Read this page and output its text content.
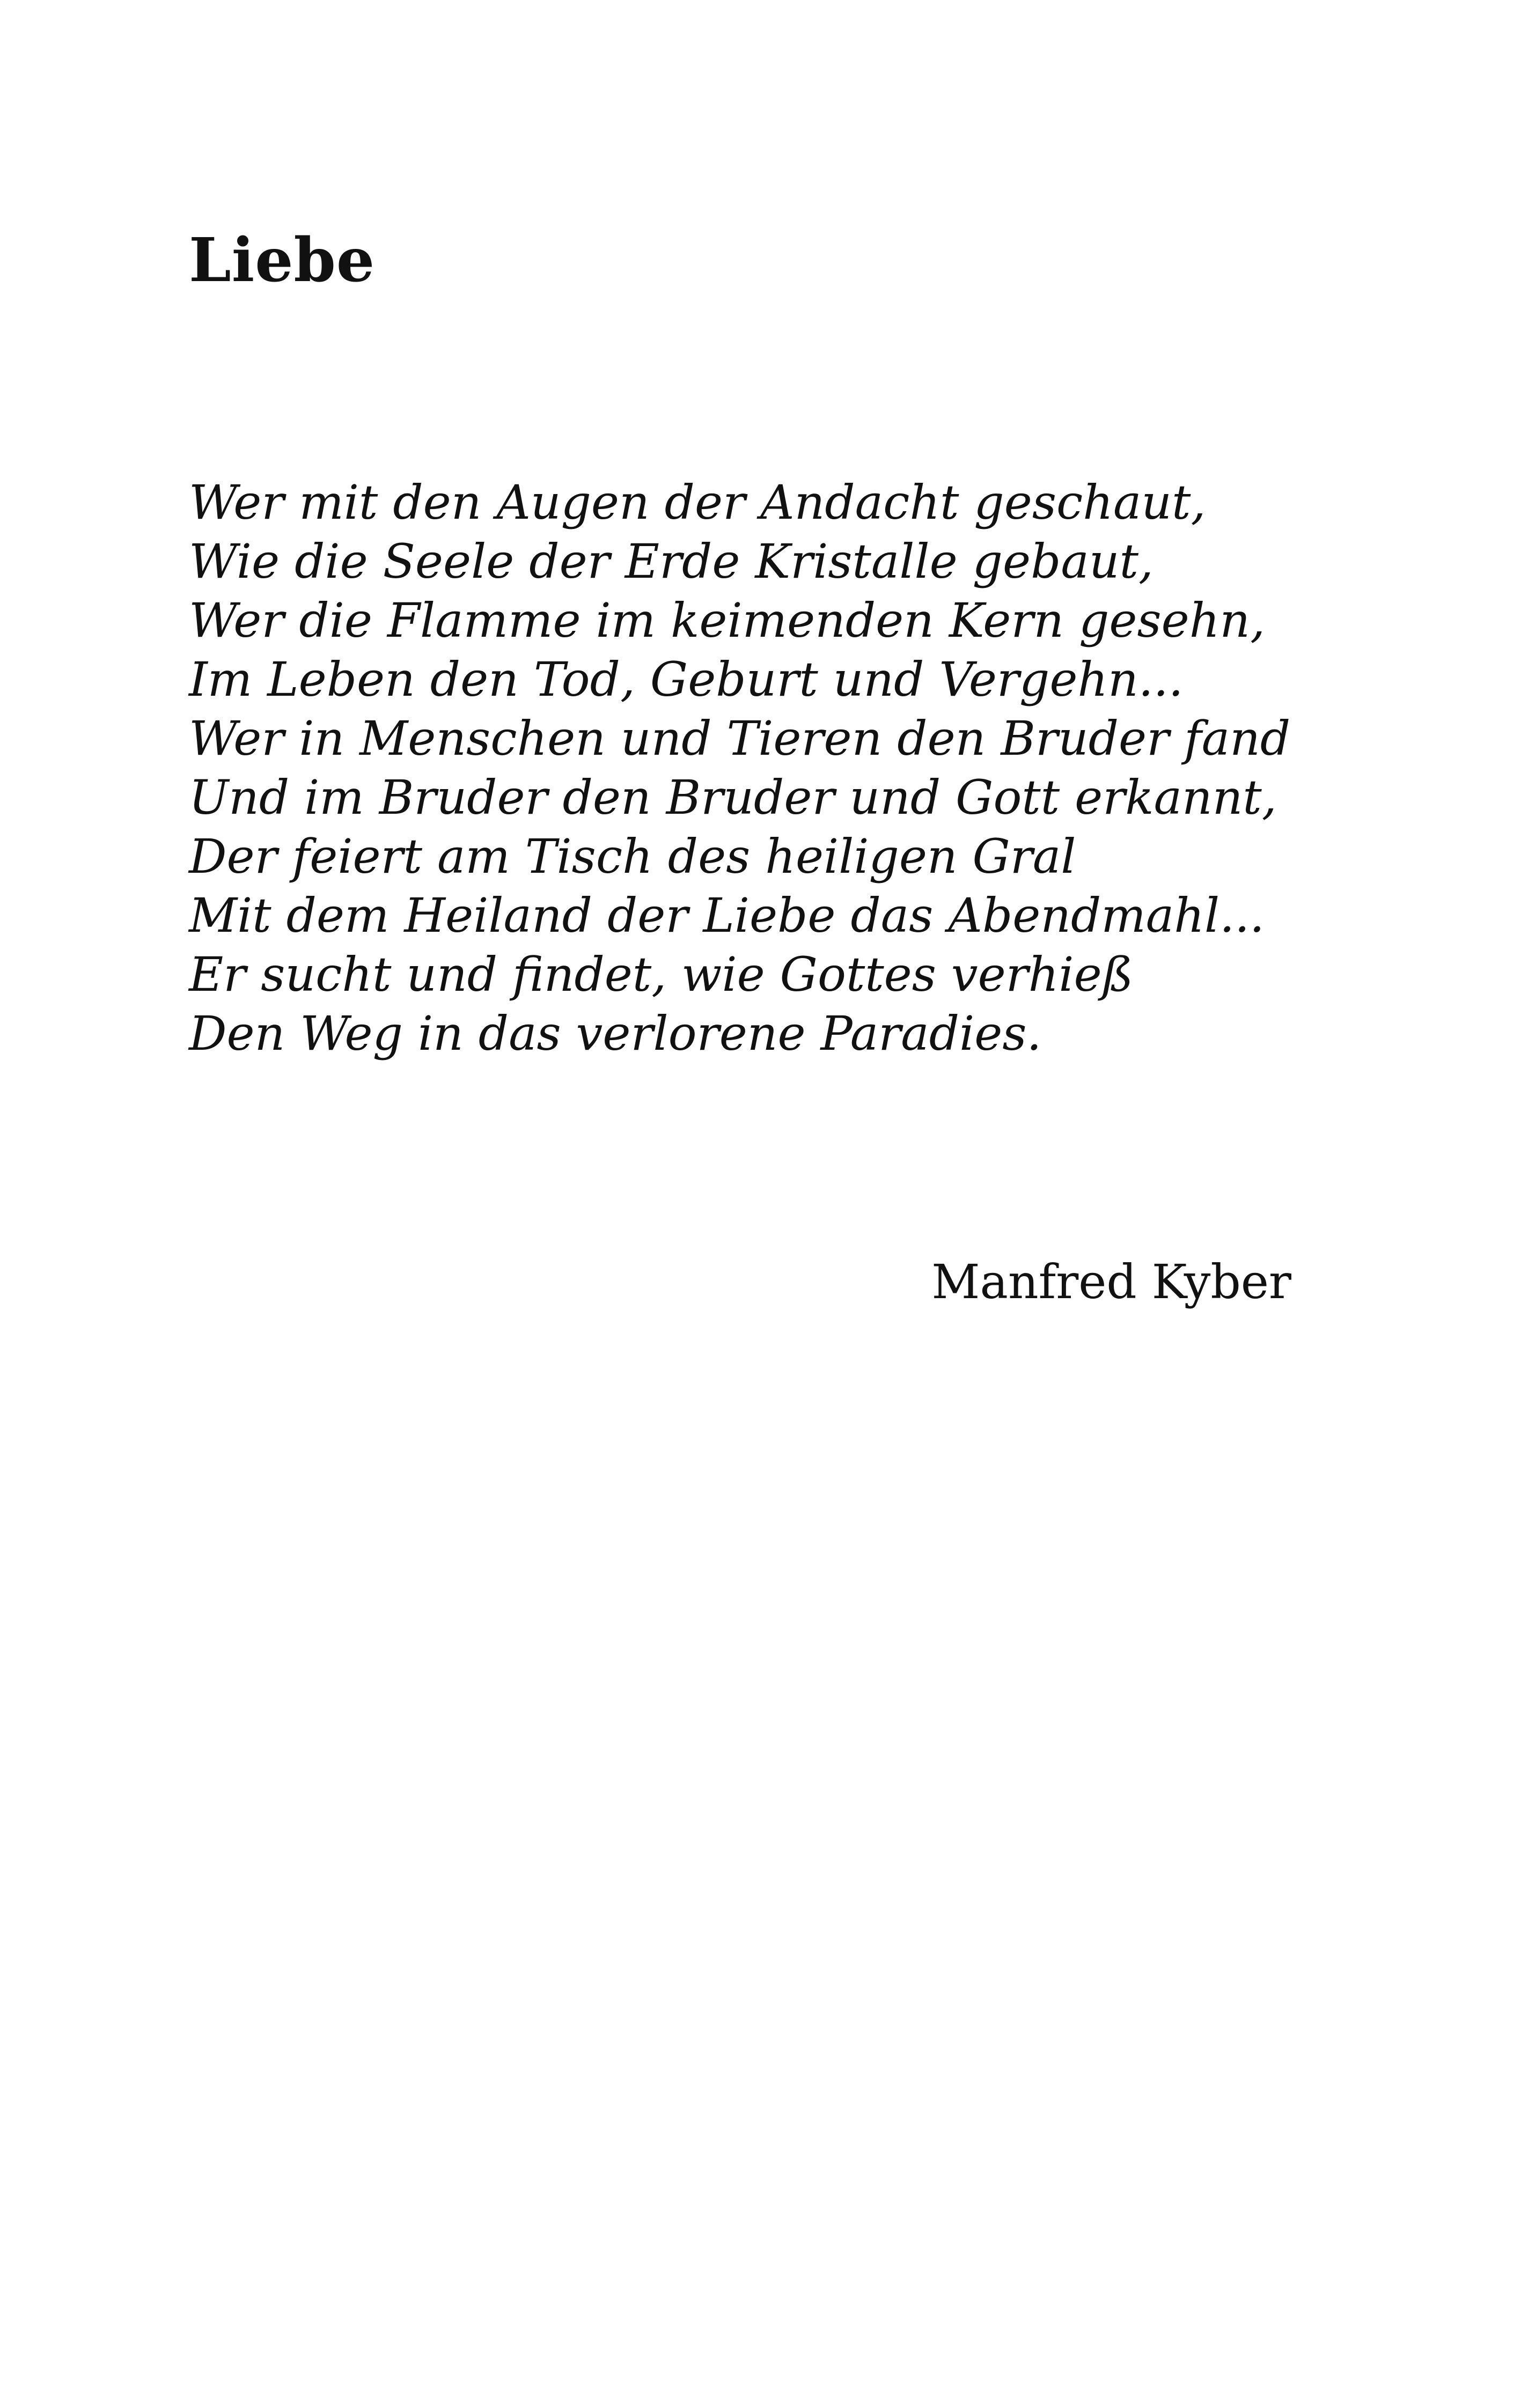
Liebe
Wer mit den Augen der Andacht geschaut,
Wie die Seele der Erde Kristalle gebaut,
Wer die Flamme im keimenden Kern gesehn,
Im Leben den Tod, Geburt und Vergehn...
Wer in Menschen und Tieren den Bruder fand
Und im Bruder den Bruder und Gott erkannt,
Der feiert am Tisch des heiligen Gral
Mit dem Heiland der Liebe das Abendmahl...
Er sucht und findet, wie Gottes verhieß
Den Weg in das verlorene Paradies.
Manfred Kyber
